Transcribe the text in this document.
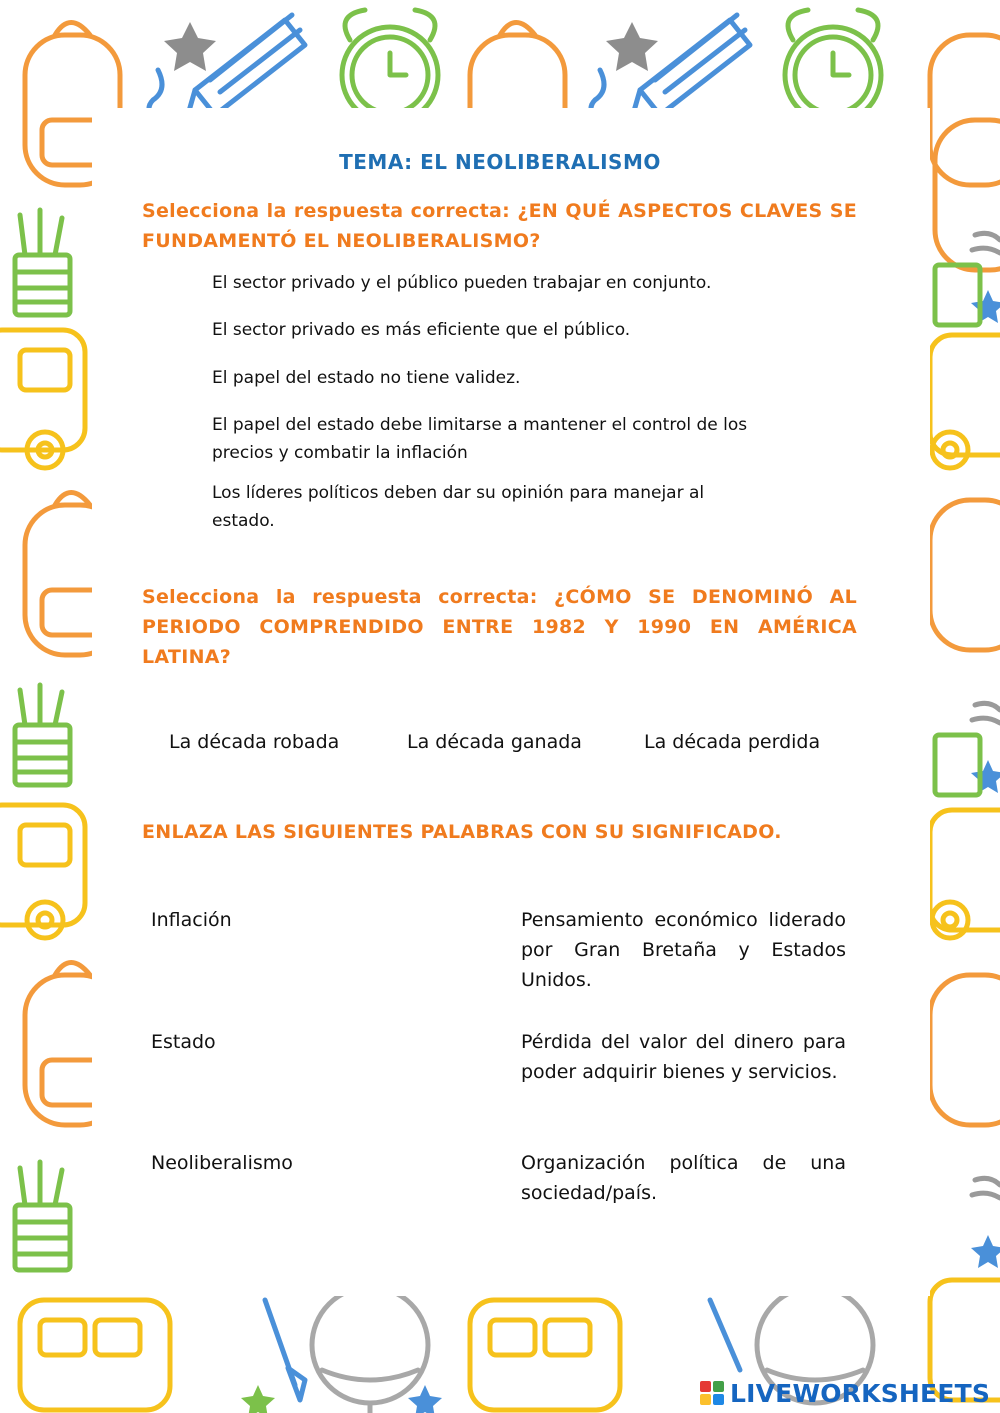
TEMA: EL NEOLIBERALISMO
Selecciona la respuesta correcta: ¿EN QUÉ ASPECTOS CLAVES SE FUNDAMENTÓ EL NEOLIBERALISMO?
El sector privado y el público pueden trabajar en conjunto.
El sector privado es más eficiente que el público.
El papel del estado no tiene validez.
El papel del estado debe limitarse a mantener el control de los precios y combatir la inflación
Los líderes políticos deben dar su opinión para manejar al estado.
Selecciona la respuesta correcta: ¿CÓMO SE DENOMINÓ AL PERIODO COMPRENDIDO ENTRE 1982 Y 1990 EN AMÉRICA LATINA?
La década robada	La década ganada	La década perdida
ENLAZA LAS SIGUIENTES PALABRAS CON SU SIGNIFICADO.
Inflación
Estado
Neoliberalismo
Pensamiento económico liderado por Gran Bretaña y Estados Unidos.
Pérdida del valor del dinero para poder adquirir bienes y servicios.
Organización política de una sociedad/país.
LIVEWORKSHEETS
